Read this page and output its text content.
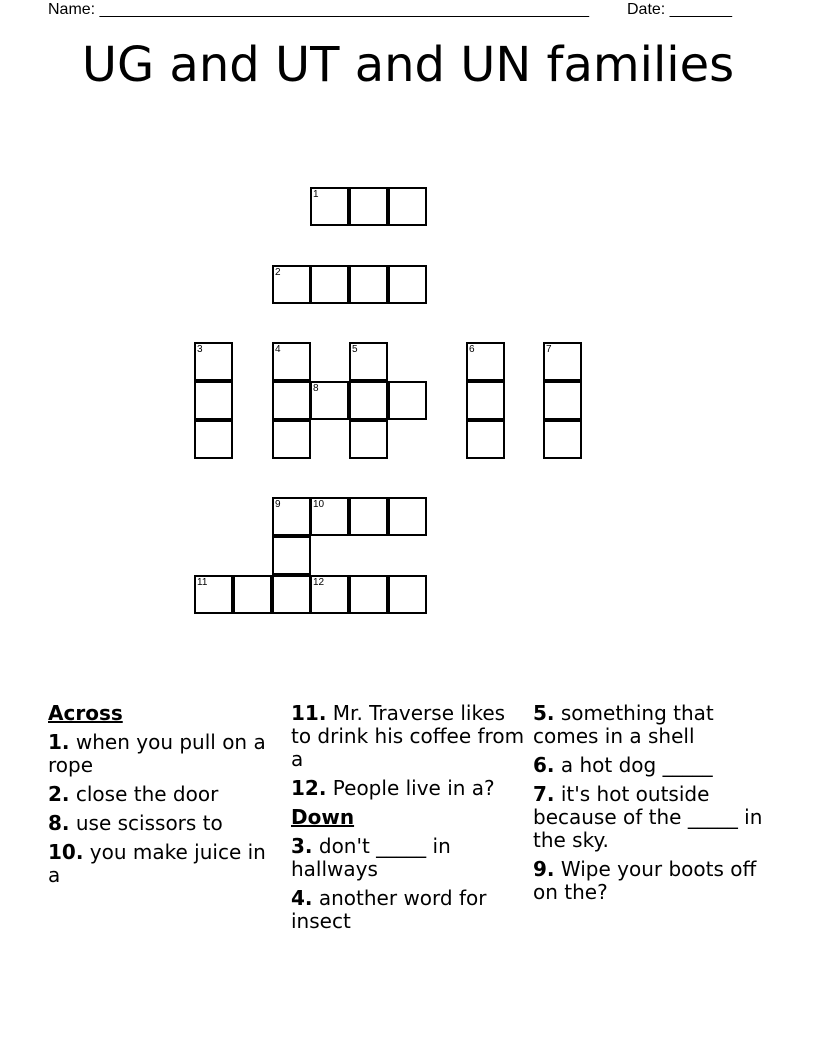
Name: _______________________________________________________ Date: _______
UG and UT and UN families
1
2
3	4	5
8
6	7
9
11
10
12
Across
1. when you pull on a rope
2. close the door
8. use scissors to
10. you make juice in a
11. Mr. Traverse likes to drink his coffee from a
12. People live in a?
Down
3. don't _____ in hallways
4. another word for insect
5. something that comes in a shell
6. a hot dog _____
7. it's hot outside because of the _____ in the sky.
9. Wipe your boots off on the?
